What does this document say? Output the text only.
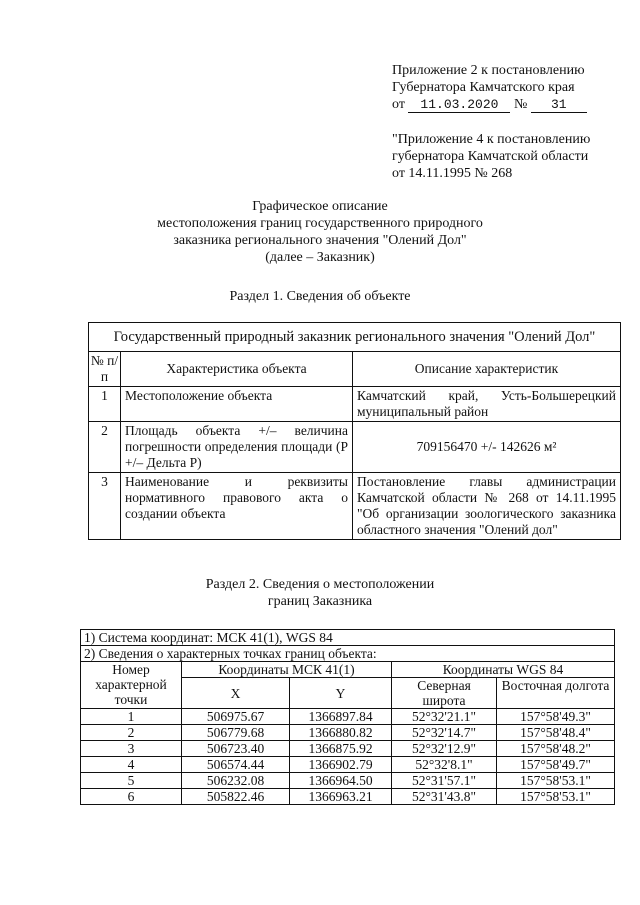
Приложение 2 к постановлению
Губернатора Камчатского края
от 11.03.2020 № 31
"Приложение 4 к постановлению
губернатора Камчатской области
от 14.11.1995 № 268
Графическое описание
местоположения границ государственного природного
заказника регионального значения "Олений Дол"
(далее – Заказник)
Раздел 1. Сведения об объекте
Государственный природный заказник регионального значения "Олений Дол"		
№ п/п	Характеристика объекта	Описание характеристик
1	Местоположение объекта	Камчатский край, Усть-Большерецкий муниципальный район
2	Площадь объекта +/– величина погрешности определения площади (Р +/– Дельта Р)	709156470 +/- 142626 м²
3	Наименование и реквизиты нормативного правового акта о создании объекта	Постановление главы администрации Камчатской области № 268 от 14.11.1995 "Об организации зоологического заказника областного значения "Олений дол"
Раздел 2. Сведения о местоположении
границ Заказника
1) Система координат: МСК 41(1), WGS 84				
2) Сведения о характерных точках границ объекта:				
Номер характерной точки	Координаты МСК 41(1)		Координаты WGS 84	
	X	Y	Северная широта	Восточная долгота
1	506975.67	1366897.84	52°32'21.1"	157°58'49.3"
2	506779.68	1366880.82	52°32'14.7"	157°58'48.4"
3	506723.40	1366875.92	52°32'12.9"	157°58'48.2"
4	506574.44	1366902.79	52°32'8.1"	157°58'49.7"
5	506232.08	1366964.50	52°31'57.1"	157°58'53.1"
6	505822.46	1366963.21	52°31'43.8"	157°58'53.1"
